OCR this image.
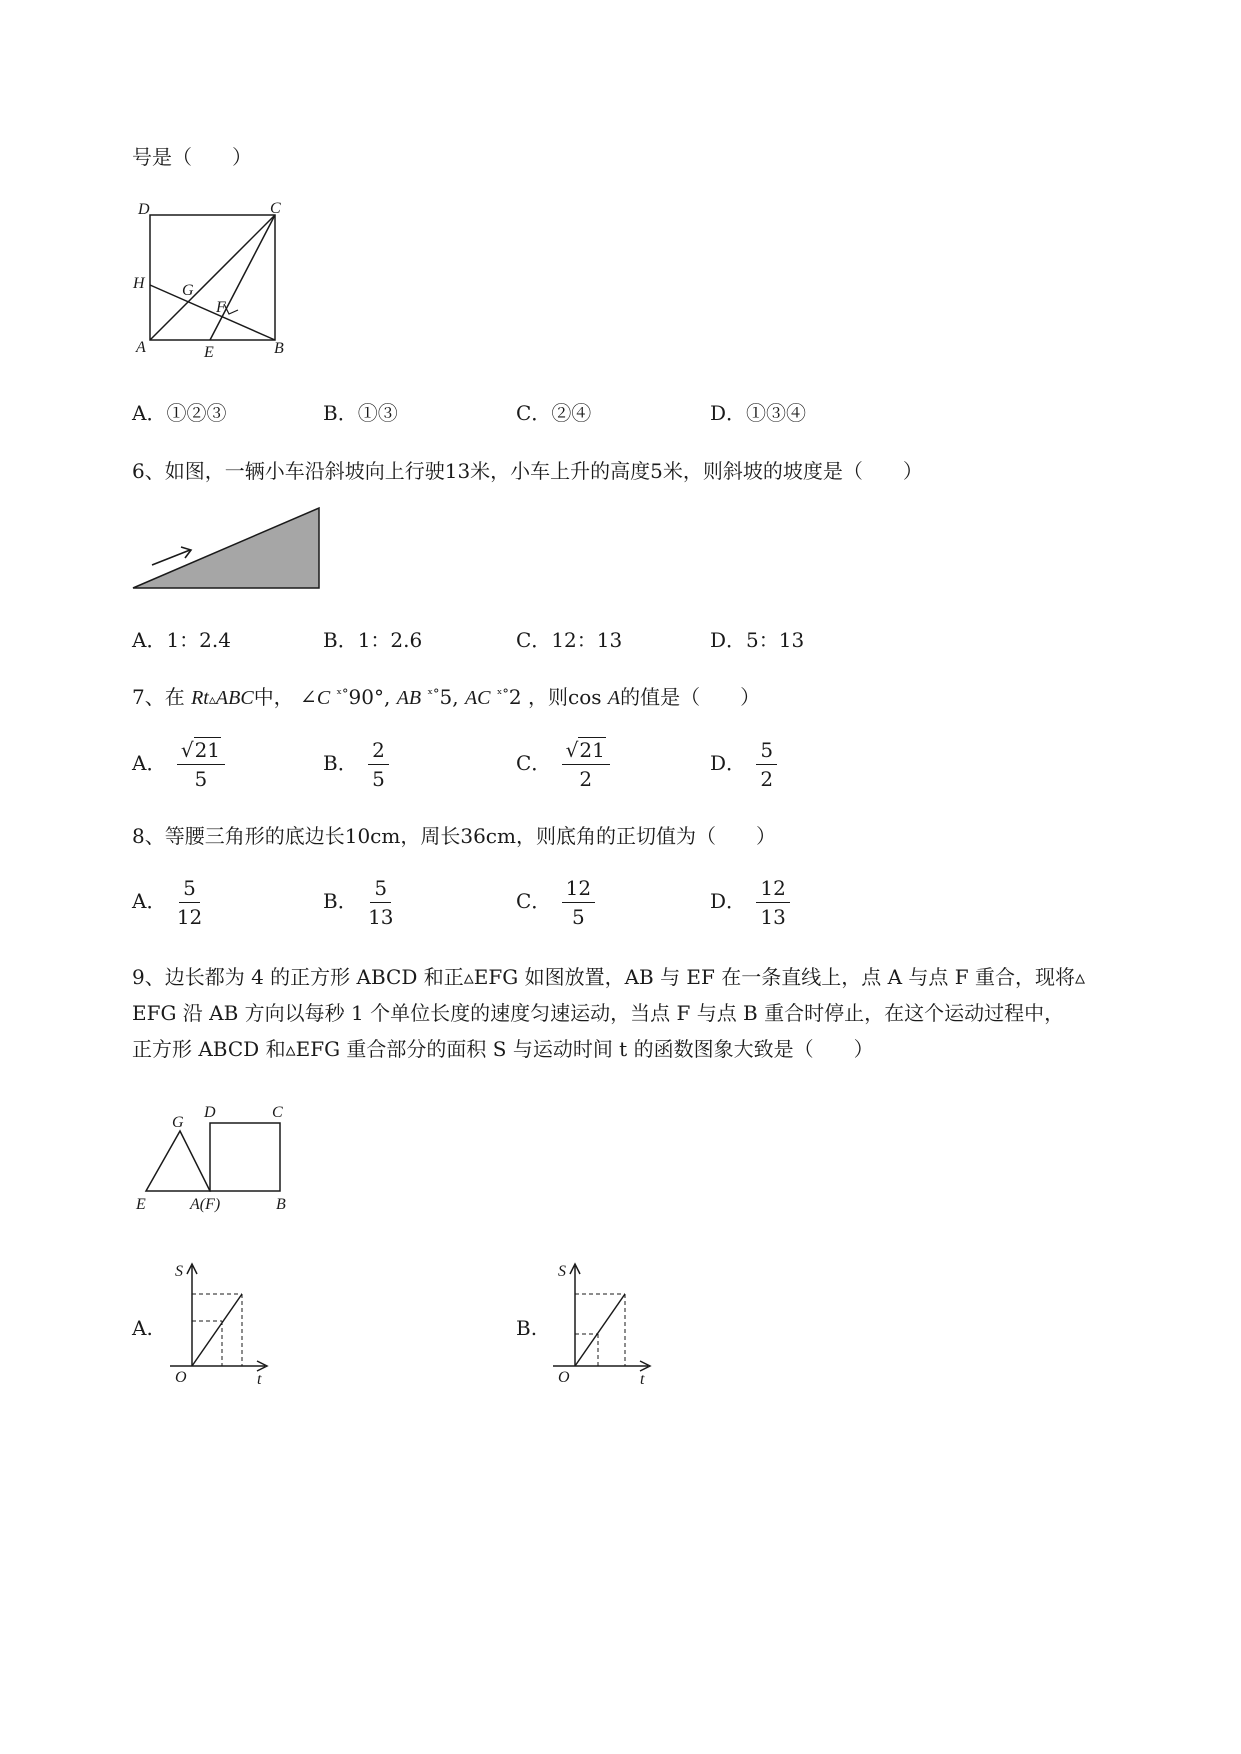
号是（　　）
D	C
H G
F
A	E	B
A．①②③	B．①③	C．②④	D．①③④
6、如图，一辆小车沿斜坡向上行驶13米，小车上升的高度5米，则斜坡的坡度是（　　）
A．1：2.4	B．1：2.6	C．12：13	D．5：13
7、在 Rt▵ABC中， ∠C $^{ˣ^\circ}$90°, AB $^{ˣ^\circ}$5, AC $^{ˣ^\circ}$2 ，则cos A的值是（　　）
A． $\frac{√21}{5}$	B． $\frac{2}{5}$	C． $\frac{√21}{2}$	D． $\frac{5}{2}$
8、等腰三角形的底边长10cm，周长36cm，则底角的正切值为（　　）
A． $\frac{5}{12}$	B． $\frac{5}{13}$	C． $\frac{12}{5}$	D． $\frac{12}{13}$
9、边长都为 4 的正方形 ABCD 和正▵EFG 如图放置，AB 与 EF 在一条直线上，点 A 与点 F 重合，现将▵
EFG 沿 AB 方向以每秒 1 个单位长度的速度匀速运动，当点 F 与点 B 重合时停止，在这个运动过程中，
正方形 ABCD 和▵EFG 重合部分的面积 S 与运动时间 t 的函数图象大致是（　　）
G
D	C
E	A(F)	B
A.
S
O	t
B.
S
O	t
